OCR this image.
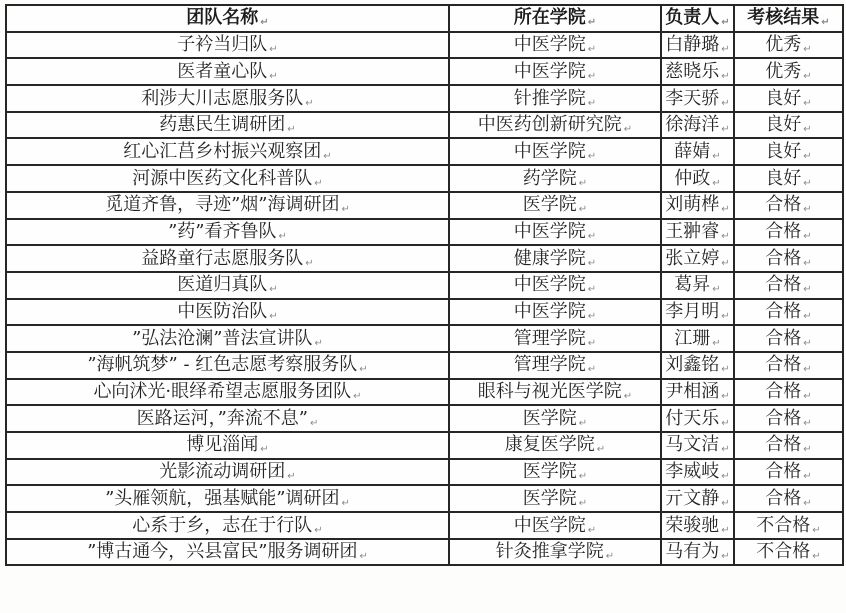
团队名称 ↵	所在学院 ↵	负责人 ↵	考核结果 ↵
子衿当归队 ↵	中医学院 ↵	白静璐 ↵	优秀 ↵
医者童心队 ↵	中医学院 ↵	慈晓乐 ↵	优秀 ↵
利涉大川志愿服务队 ↵	针推学院 ↵	李天骄 ↵	良好 ↵
药惠民生调研团 ↵	中医药创新研究院 ↵	徐海洋 ↵	良好 ↵
红心汇莒乡村振兴观察团 ↵	中医学院 ↵	薛婧 ↵	良好 ↵
河源中医药文化科普队 ↵	药学院 ↵	仲政 ↵	良好 ↵
觅道齐鲁，寻迹”烟”海调研团 ↵	医学院 ↵	刘萌桦 ↵	合格 ↵
”药”看齐鲁队 ↵	中医学院 ↵	王翀睿 ↵	合格 ↵
益路童行志愿服务队 ↵	健康学院 ↵	张立婷 ↵	合格 ↵
医道归真队 ↵	中医学院 ↵	葛昇 ↵	合格 ↵
中医防治队 ↵	中医学院 ↵	李月明 ↵	合格 ↵
”弘法沧澜”普法宣讲队 ↵	管理学院 ↵	江珊 ↵	合格 ↵
”海帆筑梦” - 红色志愿考察服务队 ↵	管理学院 ↵	刘鑫铭 ↵	合格 ↵
心向沭光·眼绎希望志愿服务团队 ↵	眼科与视光医学院 ↵	尹相涵 ↵	合格 ↵
医路运河，”奔流不息” ↵	医学院 ↵	付天乐 ↵	合格 ↵
博见淄闻 ↵	康复医学院 ↵	马文洁 ↵	合格 ↵
光影流动调研团 ↵	医学院 ↵	李威岐 ↵	合格 ↵
”头雁领航，强基赋能”调研团 ↵	医学院 ↵	亓文静 ↵	合格 ↵
心系于乡，志在于行队 ↵	中医学院 ↵	荣骏驰 ↵	不合格 ↵
”博古通今，兴县富民”服务调研团 ↵	针灸推拿学院 ↵	马有为 ↵	不合格 ↵
